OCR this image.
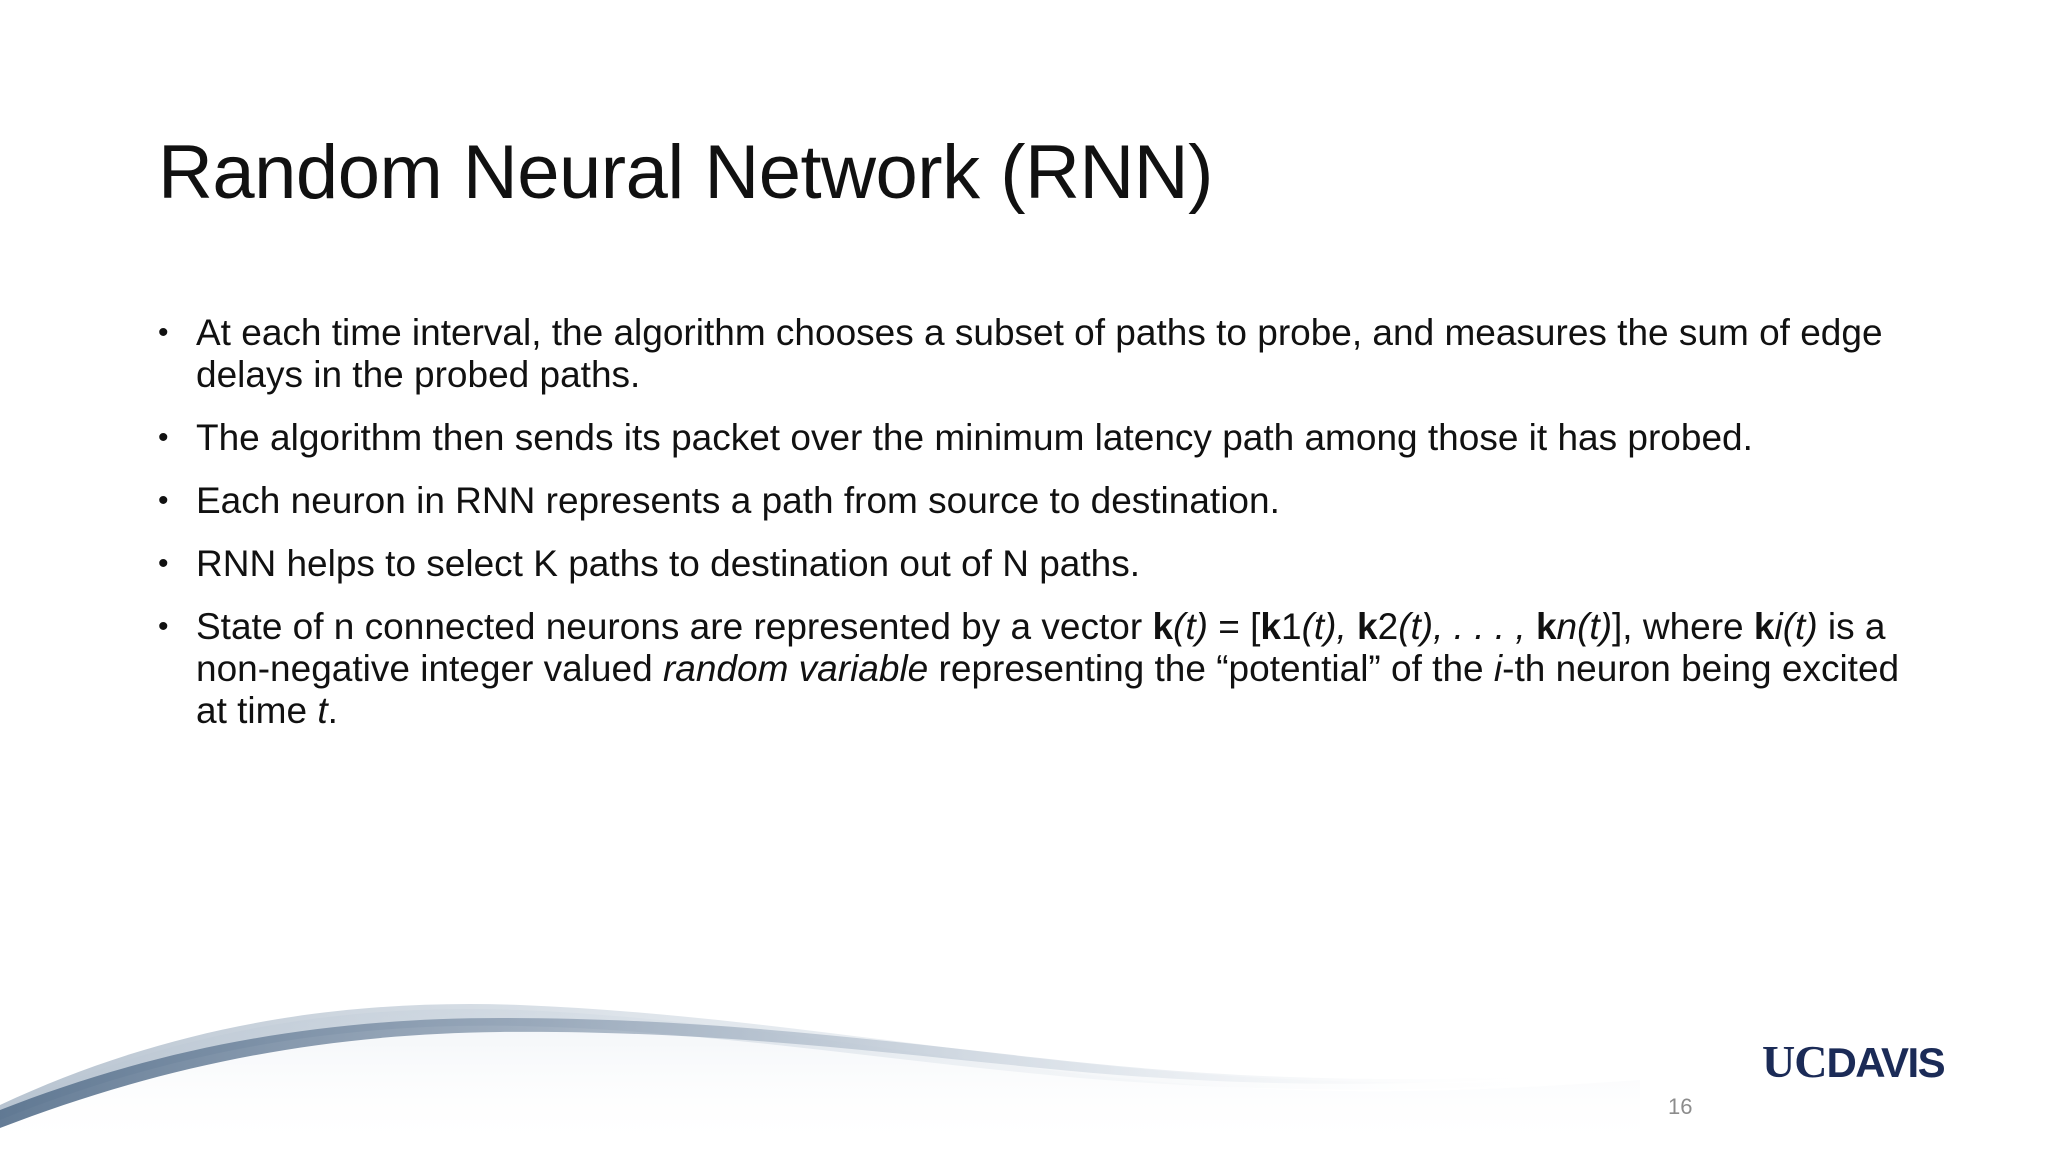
Random Neural Network (RNN)
• At each time interval, the algorithm chooses a subset of paths to probe, and measures the sum of edge delays in the probed paths.
• The algorithm then sends its packet over the minimum latency path among those it has probed.
• Each neuron in RNN represents a path from source to destination.
• RNN helps to select K paths to destination out of N paths.
• State of n connected neurons are represented by a vector k(t) = [k1(t), k2(t), . . . , kn(t)], where ki(t) is a non-negative integer valued random variable representing the “potential” of the i-th neuron being excited at time t.
UCDAVIS
16
